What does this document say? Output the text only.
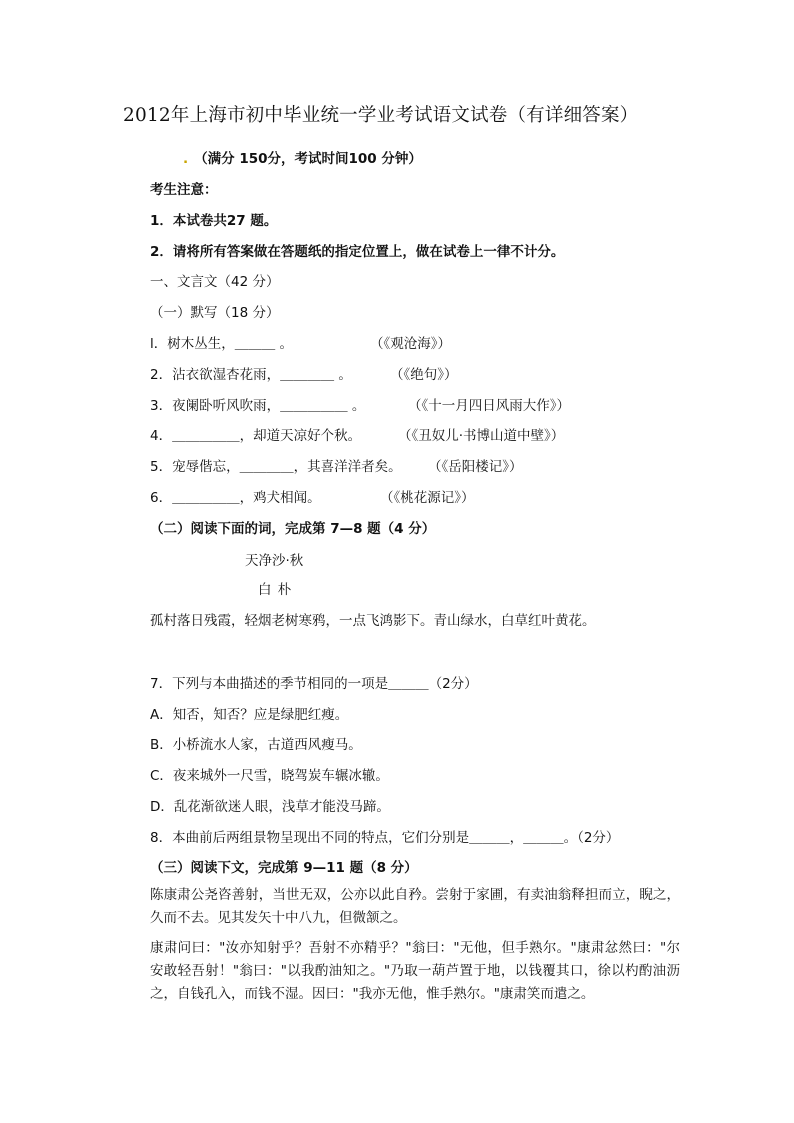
2012年上海市初中毕业统一学业考试语文试卷（有详细答案）
. （满分 150分，考试时间100 分钟）
考生注意：
1．本试卷共27 题。
2．请将所有答案做在答题纸的指定位置上，做在试卷上一律不计分。
一、文言文（42 分）
（一）默写（18 分）
l．树木丛生，＿＿＿ 。	（《观沧海》）
2．沾衣欲湿杏花雨，＿＿＿＿ 。	（《绝句》）
3．夜阑卧听风吹雨，＿＿＿＿＿ 。	（《十一月四日风雨大作》）
4．＿＿＿＿＿，却道天凉好个秋。	（《丑奴儿·书博山道中壁》）
5．宠辱偕忘，＿＿＿＿，其喜洋洋者矣。 （《岳阳楼记》）
6．＿＿＿＿＿，鸡犬相闻。	（《桃花源记》）
（二）阅读下面的词，完成第 7—8 题（4 分）
天净沙·秋
白 朴
孤村落日残霞，轻烟老树寒鸦，一点飞鸿影下。青山绿水，白草红叶黄花。
7．下列与本曲描述的季节相同的一项是＿＿＿（2分）
A．知否，知否？应是绿肥红瘦。
B．小桥流水人家，古道西风瘦马。
C．夜来城外一尺雪，晓驾炭车辗冰辙。
D．乱花渐欲迷人眼，浅草才能没马蹄。
8．本曲前后两组景物呈现出不同的特点，它们分别是＿＿＿，＿＿＿。（2分）
（三）阅读下文，完成第 9—11 题（8 分）
陈康肃公尧咨善射，当世无双，公亦以此自矜。尝射于家圃，有卖油翁释担而立，睨之，久而不去。见其发矢十中八九，但微颔之。
康肃问曰："汝亦知射乎？吾射不亦精乎？"翁曰："无他，但手熟尔。"康肃忿然曰："尔安敢轻吾射！"翁曰："以我酌油知之。"乃取一葫芦置于地，以钱覆其口，徐以杓酌油沥之，自钱孔入，而钱不湿。因曰："我亦无他，惟手熟尔。"康肃笑而遣之。
